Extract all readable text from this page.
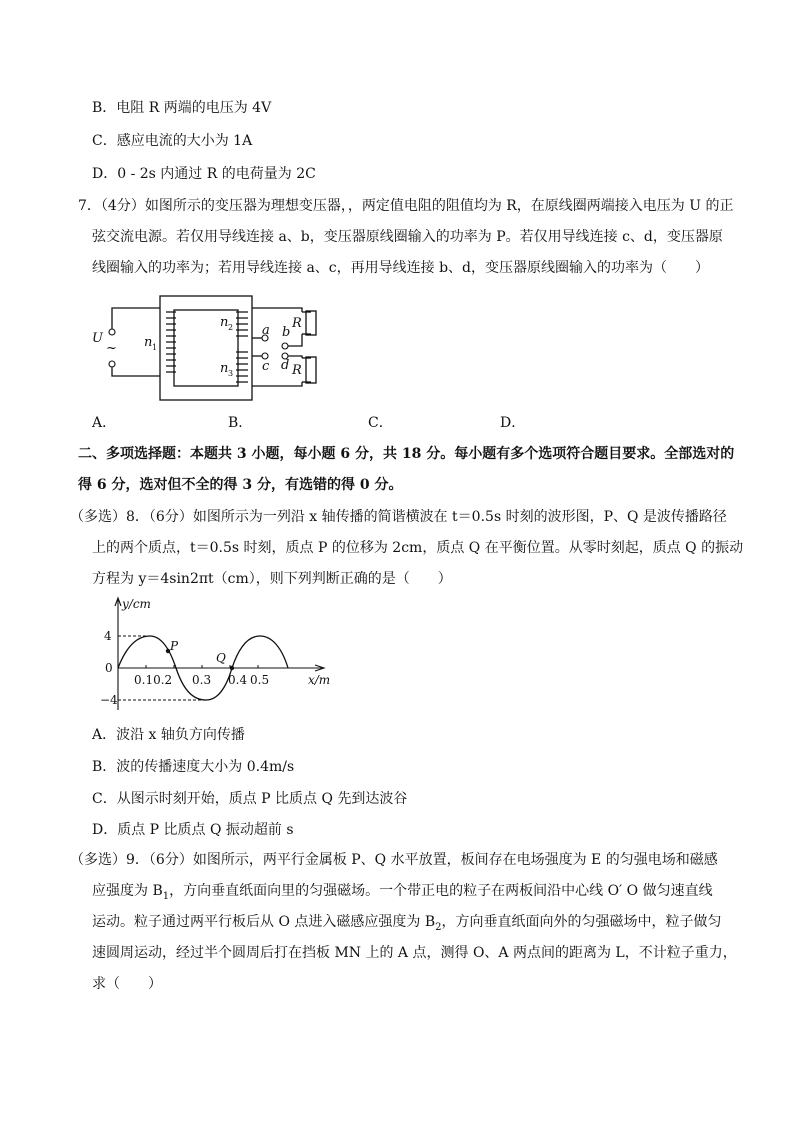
B．电阻 R 两端的电压为 4V
C．感应电流的大小为 1A
D．0 - 2s 内通过 R 的电荷量为 2C
7．（4分）如图所示的变压器为理想变压器，，两定值电阻的阻值均为 R，在原线圈两端接入电压为 U 的正
弦交流电源。若仅用导线连接 a、b，变压器原线圈输入的功率为 P。若仅用导线连接 c、d，变压器原
线圈输入的功率为；若用导线连接 a、c，再用导线连接 b、d，变压器原线圈输入的功率为（　　）
U
~ n 1
n 2
n 3
a b
c d
R
R
A．	B．	C．	D．
二、多项选择题：本题共 3 小题，每小题 6 分，共 18 分。每小题有多个选项符合题目要求。全部选对的
得 6 分，选对但不全的得 3 分，有选错的得 0 分。
（多选）8．（6分）如图所示为一列沿 x 轴传播的简谐横波在 t＝0.5s 时刻的波形图，P、Q 是波传播路径
上的两个质点，t＝0.5s 时刻，质点 P 的位移为 2cm，质点 Q 在平衡位置。从零时刻起，质点 Q 的振动
方程为 y＝4sin2πt（cm），则下列判断正确的是（　　）
y/cm
4
0
−4
0.10.2 0.3 0.4 0.5	x/m
P
Q
A．波沿 x 轴负方向传播
B．波的传播速度大小为 0.4m/s
C．从图示时刻开始，质点 P 比质点 Q 先到达波谷
D．质点 P 比质点 Q 振动超前 s
（多选）9．（6分）如图所示，两平行金属板 P、Q 水平放置，板间存在电场强度为 E 的匀强电场和磁感
应强度为 $B_1$，方向垂直纸面向里的匀强磁场。一个带正电的粒子在两板间沿中心线 O′ O 做匀速直线
运动。粒子通过两平行板后从 O 点进入磁感应强度为 $B_2$，方向垂直纸面向外的匀强磁场中，粒子做匀
速圆周运动，经过半个圆周后打在挡板 MN 上的 A 点，测得 O、A 两点间的距离为 L，不计粒子重力，
求（　　）
